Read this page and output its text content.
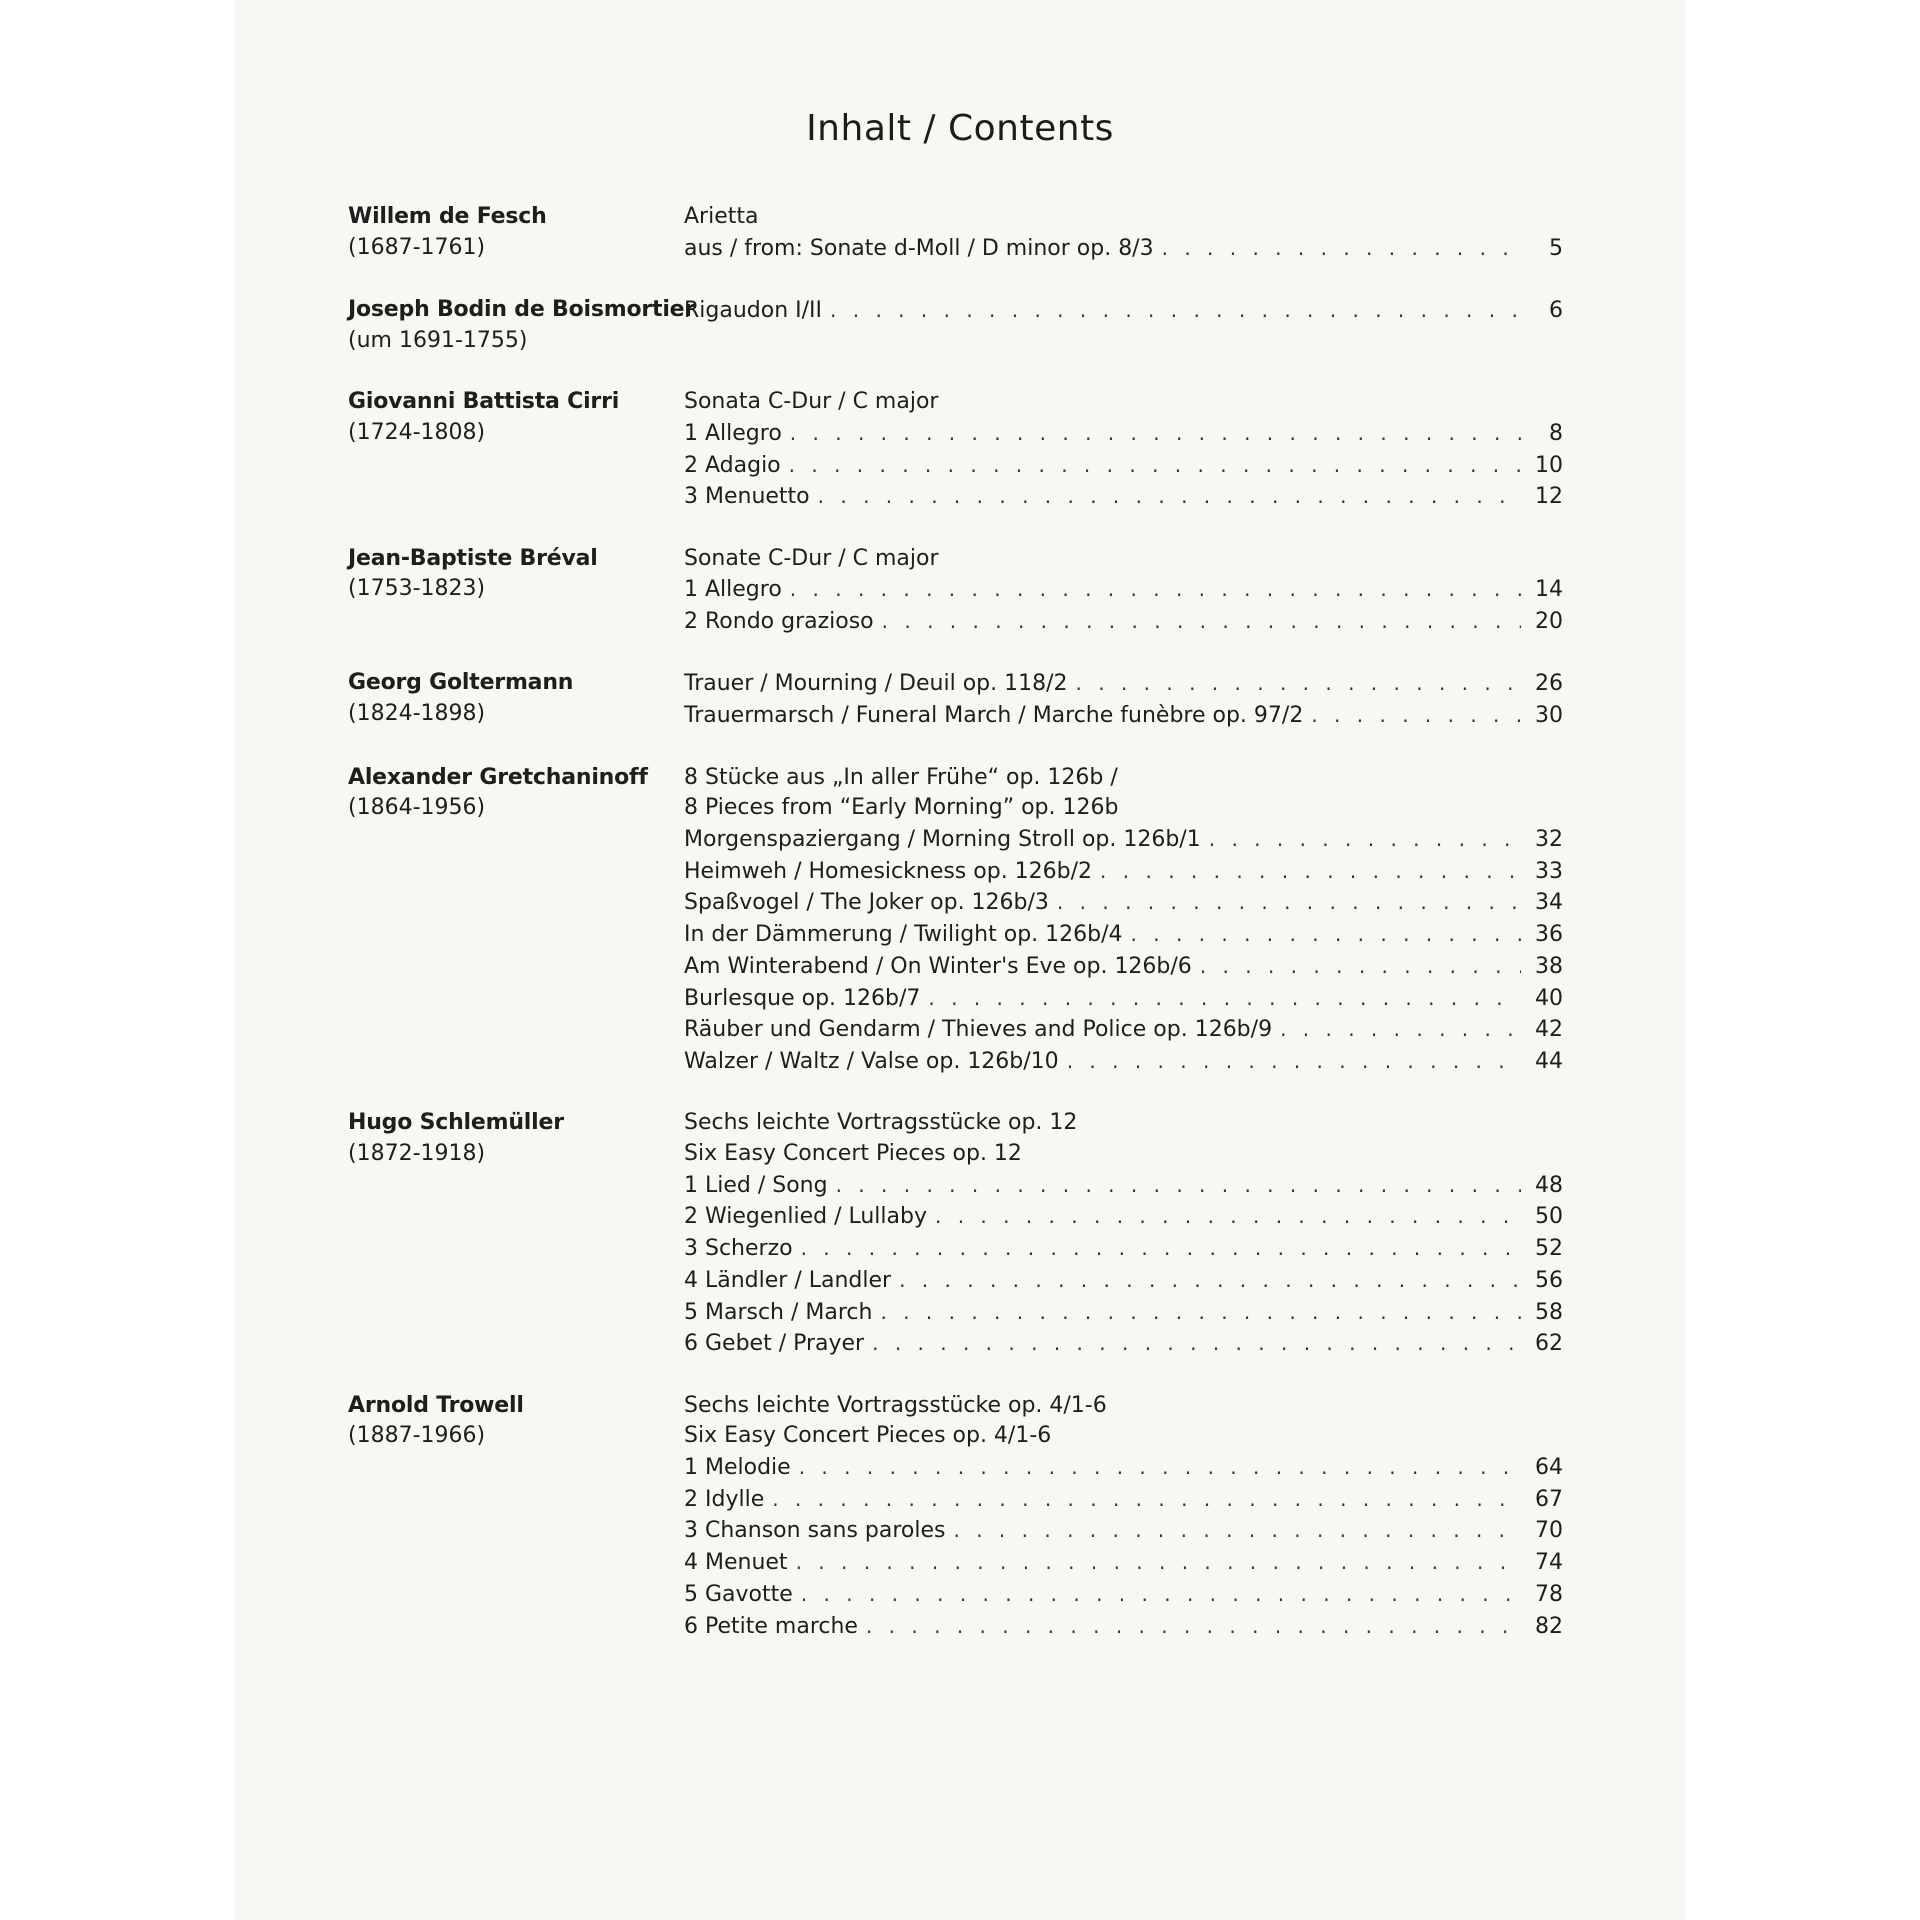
Inhalt / Contents
Willem de Fesch
(1687-1761)
Arietta
aus / from: Sonate d-Moll / D minor op. 8/3 . . .	5
Joseph Bodin de Boismortier
(um 1691-1755)
Rigaudon I/II . . .	6
Giovanni Battista Cirri
(1724-1808)
Sonata C-Dur / C major
1 Allegro . . .	8
2 Adagio . . .	10
3 Menuetto . . .	12
Jean-Baptiste Bréval
(1753-1823)
Sonate C-Dur / C major
1 Allegro . . .	14
2 Rondo grazioso . . .	20
Georg Goltermann
(1824-1898)
Trauer / Mourning / Deuil op. 118/2 . . .	26
Trauermarsch / Funeral March / Marche funèbre op. 97/2 . . .	30
Alexander Gretchaninoff
(1864-1956)
8 Stücke aus „In aller Frühe“ op. 126b /
8 Pieces from “Early Morning” op. 126b
Morgenspaziergang / Morning Stroll op. 126b/1 . . .	32
Heimweh / Homesickness op. 126b/2 . . .	33
Spaßvogel / The Joker op. 126b/3 . . .	34
In der Dämmerung / Twilight op. 126b/4 . . .	36
Am Winterabend / On Winter's Eve op. 126b/6 . . .	38
Burlesque op. 126b/7 . . .	40
Räuber und Gendarm / Thieves and Police op. 126b/9 . . .	42
Walzer / Waltz / Valse op. 126b/10 . . .	44
Hugo Schlemüller
(1872-1918)
Sechs leichte Vortragsstücke op. 12
Six Easy Concert Pieces op. 12
1 Lied / Song . . .	48
2 Wiegenlied / Lullaby . . .	50
3 Scherzo . . .	52
4 Ländler / Landler . . .	56
5 Marsch / March . . .	58
6 Gebet / Prayer . . .	62
Arnold Trowell
(1887-1966)
Sechs leichte Vortragsstücke op. 4/1-6
Six Easy Concert Pieces op. 4/1-6
1 Melodie . . .	64
2 Idylle . . .	67
3 Chanson sans paroles . . .	70
4 Menuet . . .	74
5 Gavotte . . .	78
6 Petite marche . . .	82
